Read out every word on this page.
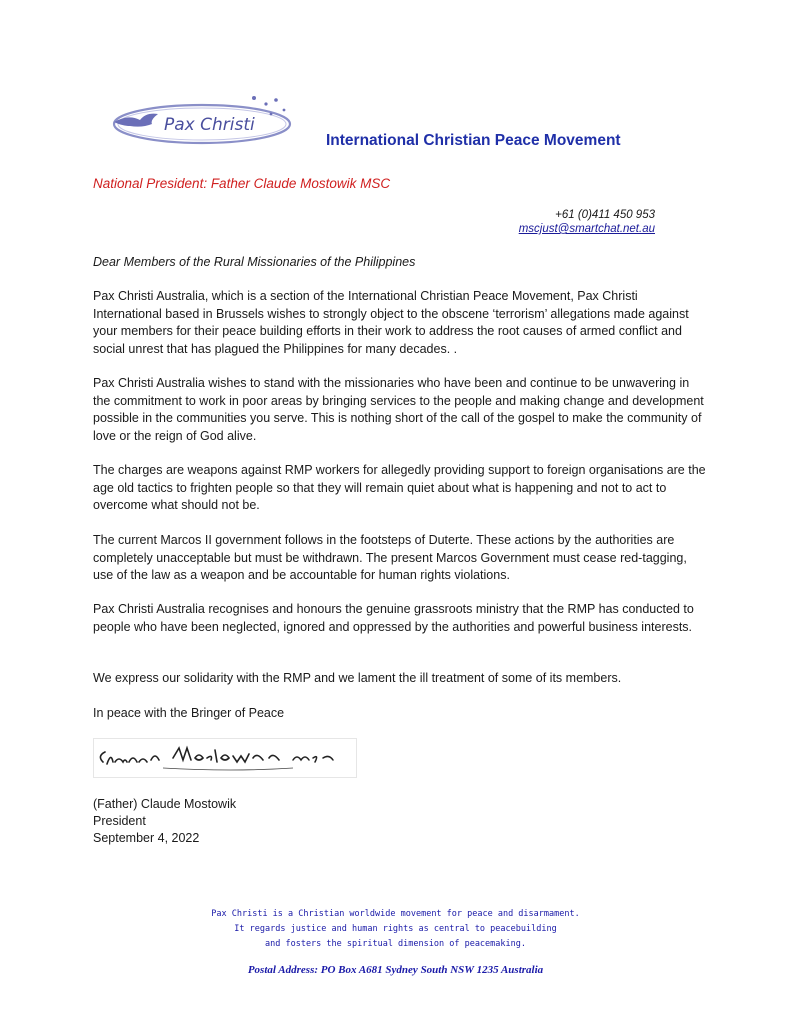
Pax Christi
International Christian Peace Movement
National President: Father Claude Mostowik MSC
+61 (0)411 450 953
mscjust@smartchat.net.au
Dear Members of the Rural Missionaries of the Philippines
Pax Christi Australia, which is a section of the International Christian Peace Movement, Pax Christi International based in Brussels wishes to strongly object to the obscene ‘terrorism’ allegations made against your members for their peace building efforts in their work to address the root causes of armed conflict and social unrest that has plagued the Philippines for many decades. .
Pax Christi Australia wishes to stand with the missionaries who have been and continue to be unwavering in the commitment to work in poor areas by bringing services to the people and making change and development possible in the communities you serve. This is nothing short of the call of the gospel to make the community of love or the reign of God alive.
The charges are weapons against RMP workers for allegedly providing support to foreign organisations are the age old tactics to frighten people so that they will remain quiet about what is happening and not to act to overcome what should not be.
The current Marcos II government follows in the footsteps of Duterte. These actions by the authorities are completely unacceptable but must be withdrawn. The present Marcos Government must cease red-tagging, use of the law as a weapon and be accountable for human rights violations.
Pax Christi Australia recognises and honours the genuine grassroots ministry that the RMP has conducted to people who have been neglected, ignored and oppressed by the authorities and powerful business interests.
We express our solidarity with the RMP and we lament the ill treatment of some of its members.
In peace with the Bringer of Peace
(Father) Claude Mostowik
President
September 4, 2022
Pax Christi is a Christian worldwide movement for peace and disarmament.
It regards justice and human rights as central to peacebuilding
and fosters the spiritual dimension of peacemaking.
Postal Address: PO Box A681 Sydney South NSW 1235 Australia
